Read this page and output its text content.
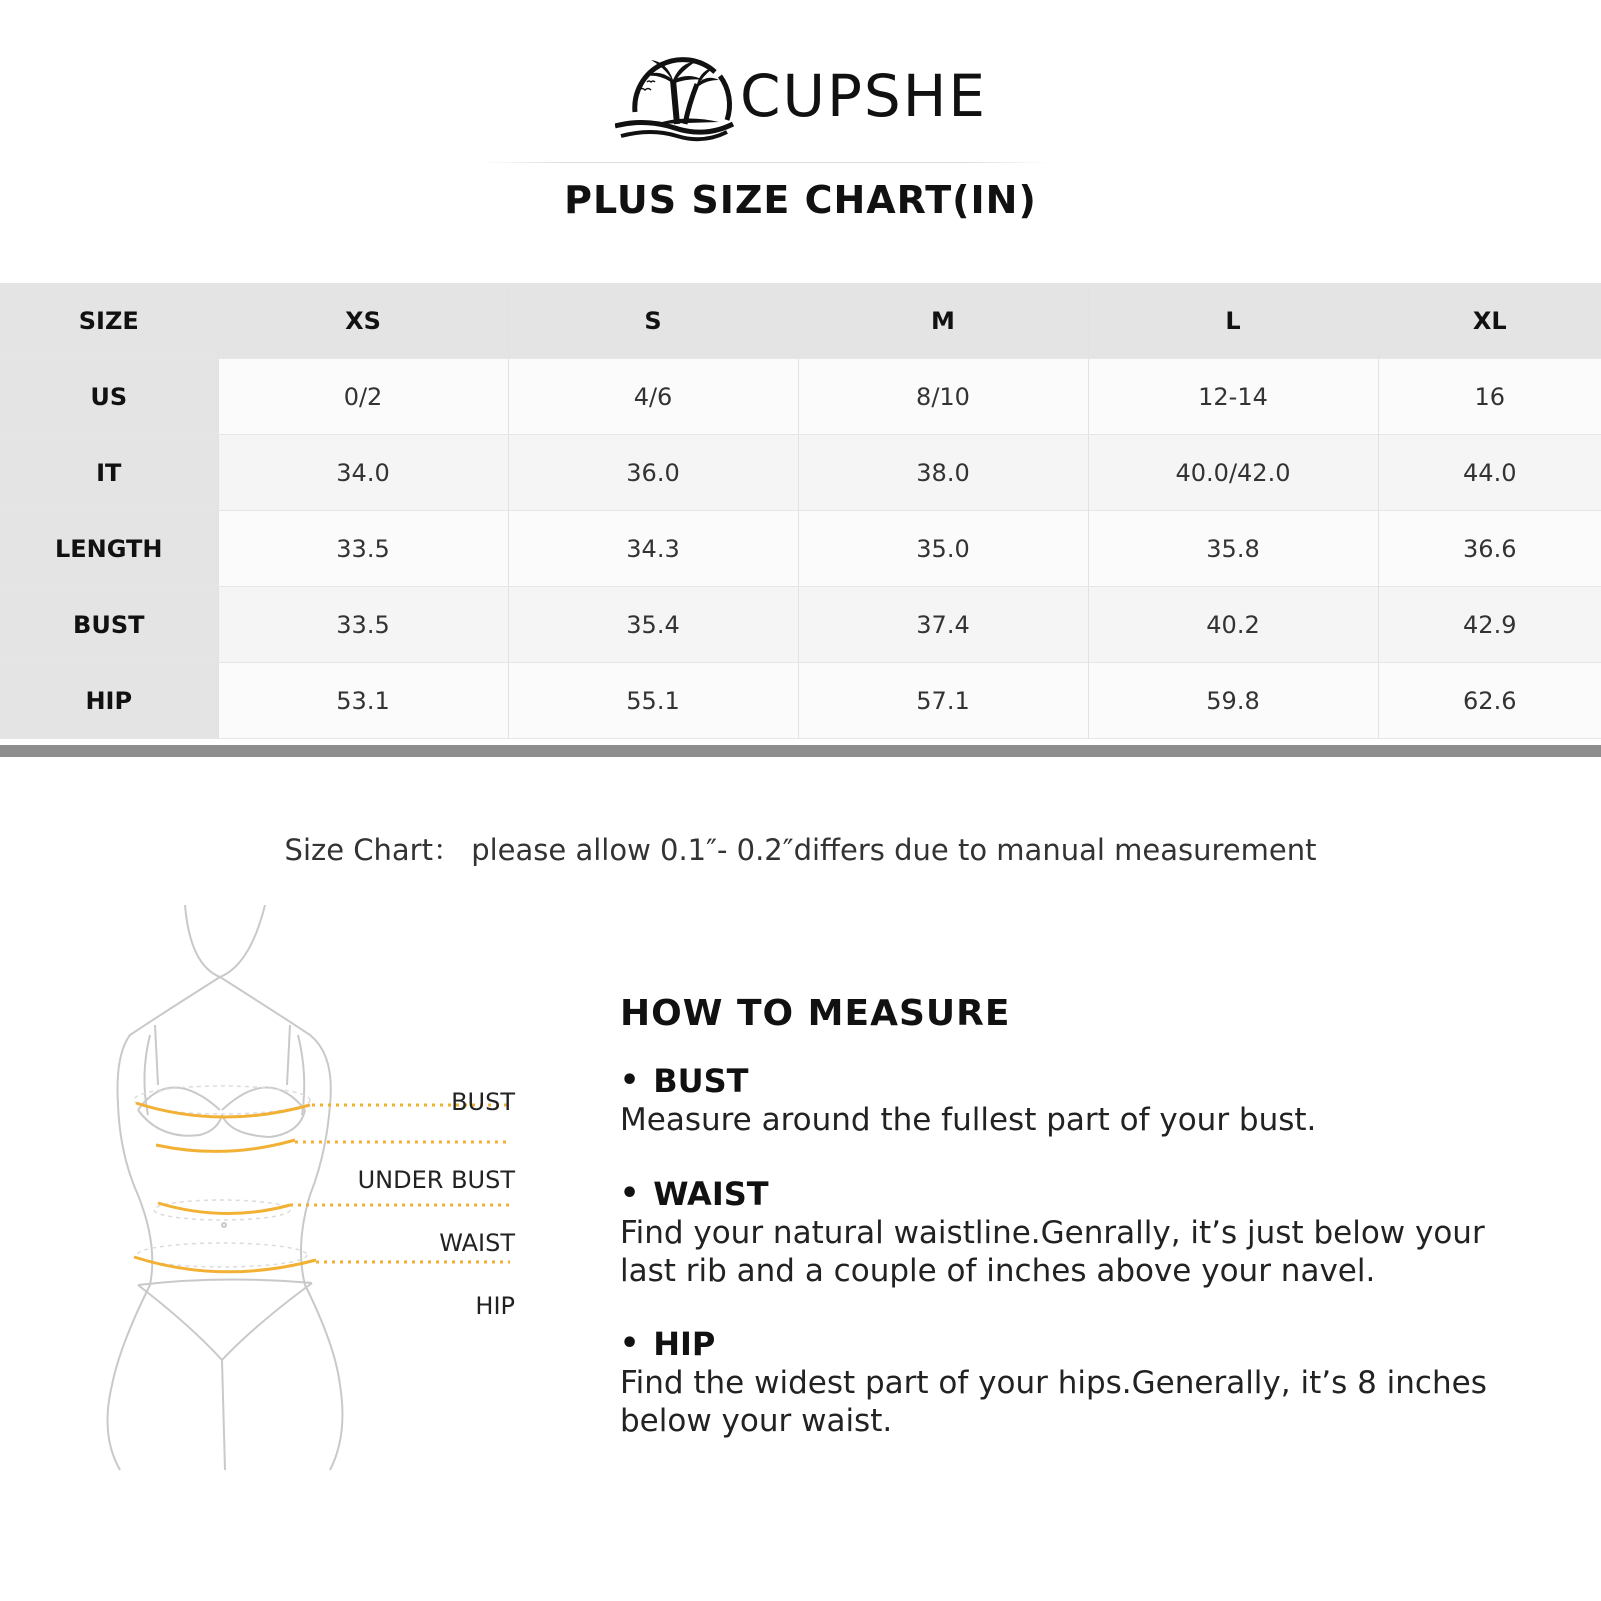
CUPSHE
PLUS SIZE CHART(IN)
SIZE	XS	S	M	L	XL
US	0/2	4/6	8/10	12-14	16
IT	34.0	36.0	38.0	40.0/42.0	44.0
LENGTH	33.5	34.3	35.0	35.8	36.6
BUST	33.5	35.4	37.4	40.2	42.9
HIP	53.1	55.1	57.1	59.8	62.6
Size Chart： please allow 0.1″- 0.2″differs due to manual measurement
BUST
UNDER BUST
WAIST
HIP
HOW TO MEASURE
• BUST
Measure around the fullest part of your bust.
• WAIST
Find your natural waistline.Genrally, it’s just below your last rib and a couple of inches above your navel.
• HIP
Find the widest part of your hips.Generally, it’s 8 inches below your waist.
